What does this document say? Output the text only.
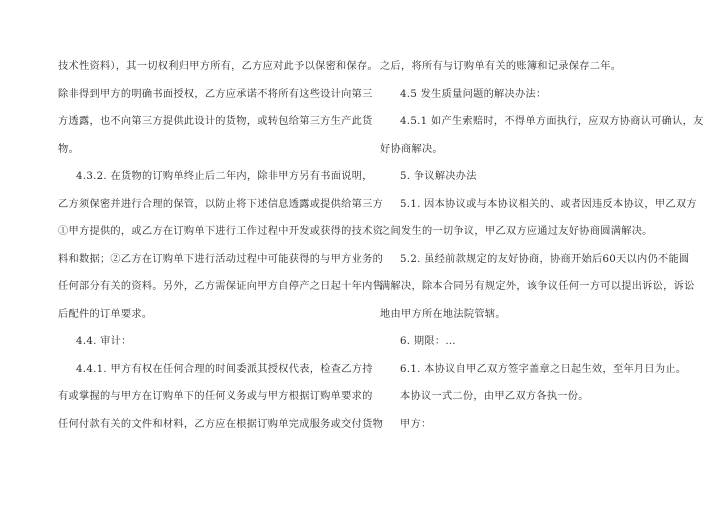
技术性资料），其一切权利归甲方所有，乙方应对此予以保密和保存。
除非得到甲方的明确书面授权，乙方应承诺不将所有这些设计向第三
方透露，也不向第三方提供此设计的货物，或转包给第三方生产此货
物。
4.3.2. 在货物的订购单终止后二年内，除非甲方另有书面说明，
乙方须保密并进行合理的保管，以防止将下述信息透露或提供给第三方
①甲方提供的，或乙方在订购单下进行工作过程中开发或获得的技术资
料和数据；②乙方在订购单下进行活动过程中可能获得的与甲方业务的
任何部分有关的资料。另外，乙方需保证向甲方自停产之日起十年内售
后配件的订单要求。
4.4. 审计：
4.4.1. 甲方有权在任何合理的时间委派其授权代表，检查乙方持
有或掌握的与甲方在订购单下的任何义务或与甲方根据订购单要求的
任何付款有关的文件和材料，乙方应在根据订购单完成服务或交付货物
之后，将所有与订购单有关的账簿和记录保存二年。
4.5 发生质量问题的解决办法：
4.5.1 如产生索赔时，不得单方面执行，应双方协商认可确认，友
好协商解决。
5. 争议解决办法
5.1. 因本协议或与本协议相关的、或者因违反本协议，甲乙双方
之间发生的一切争议，甲乙双方应通过友好协商圆满解决。
5.2. 虽经前款规定的友好协商，协商开始后60天以内仍不能圆
满解决，除本合同另有规定外，该争议任何一方可以提出诉讼，诉讼
地由甲方所在地法院管辖。
6. 期限：…
6.1. 本协议自甲乙双方签字盖章之日起生效，至年月日为止。
本协议一式二份，由甲乙双方各执一份。
甲方：
